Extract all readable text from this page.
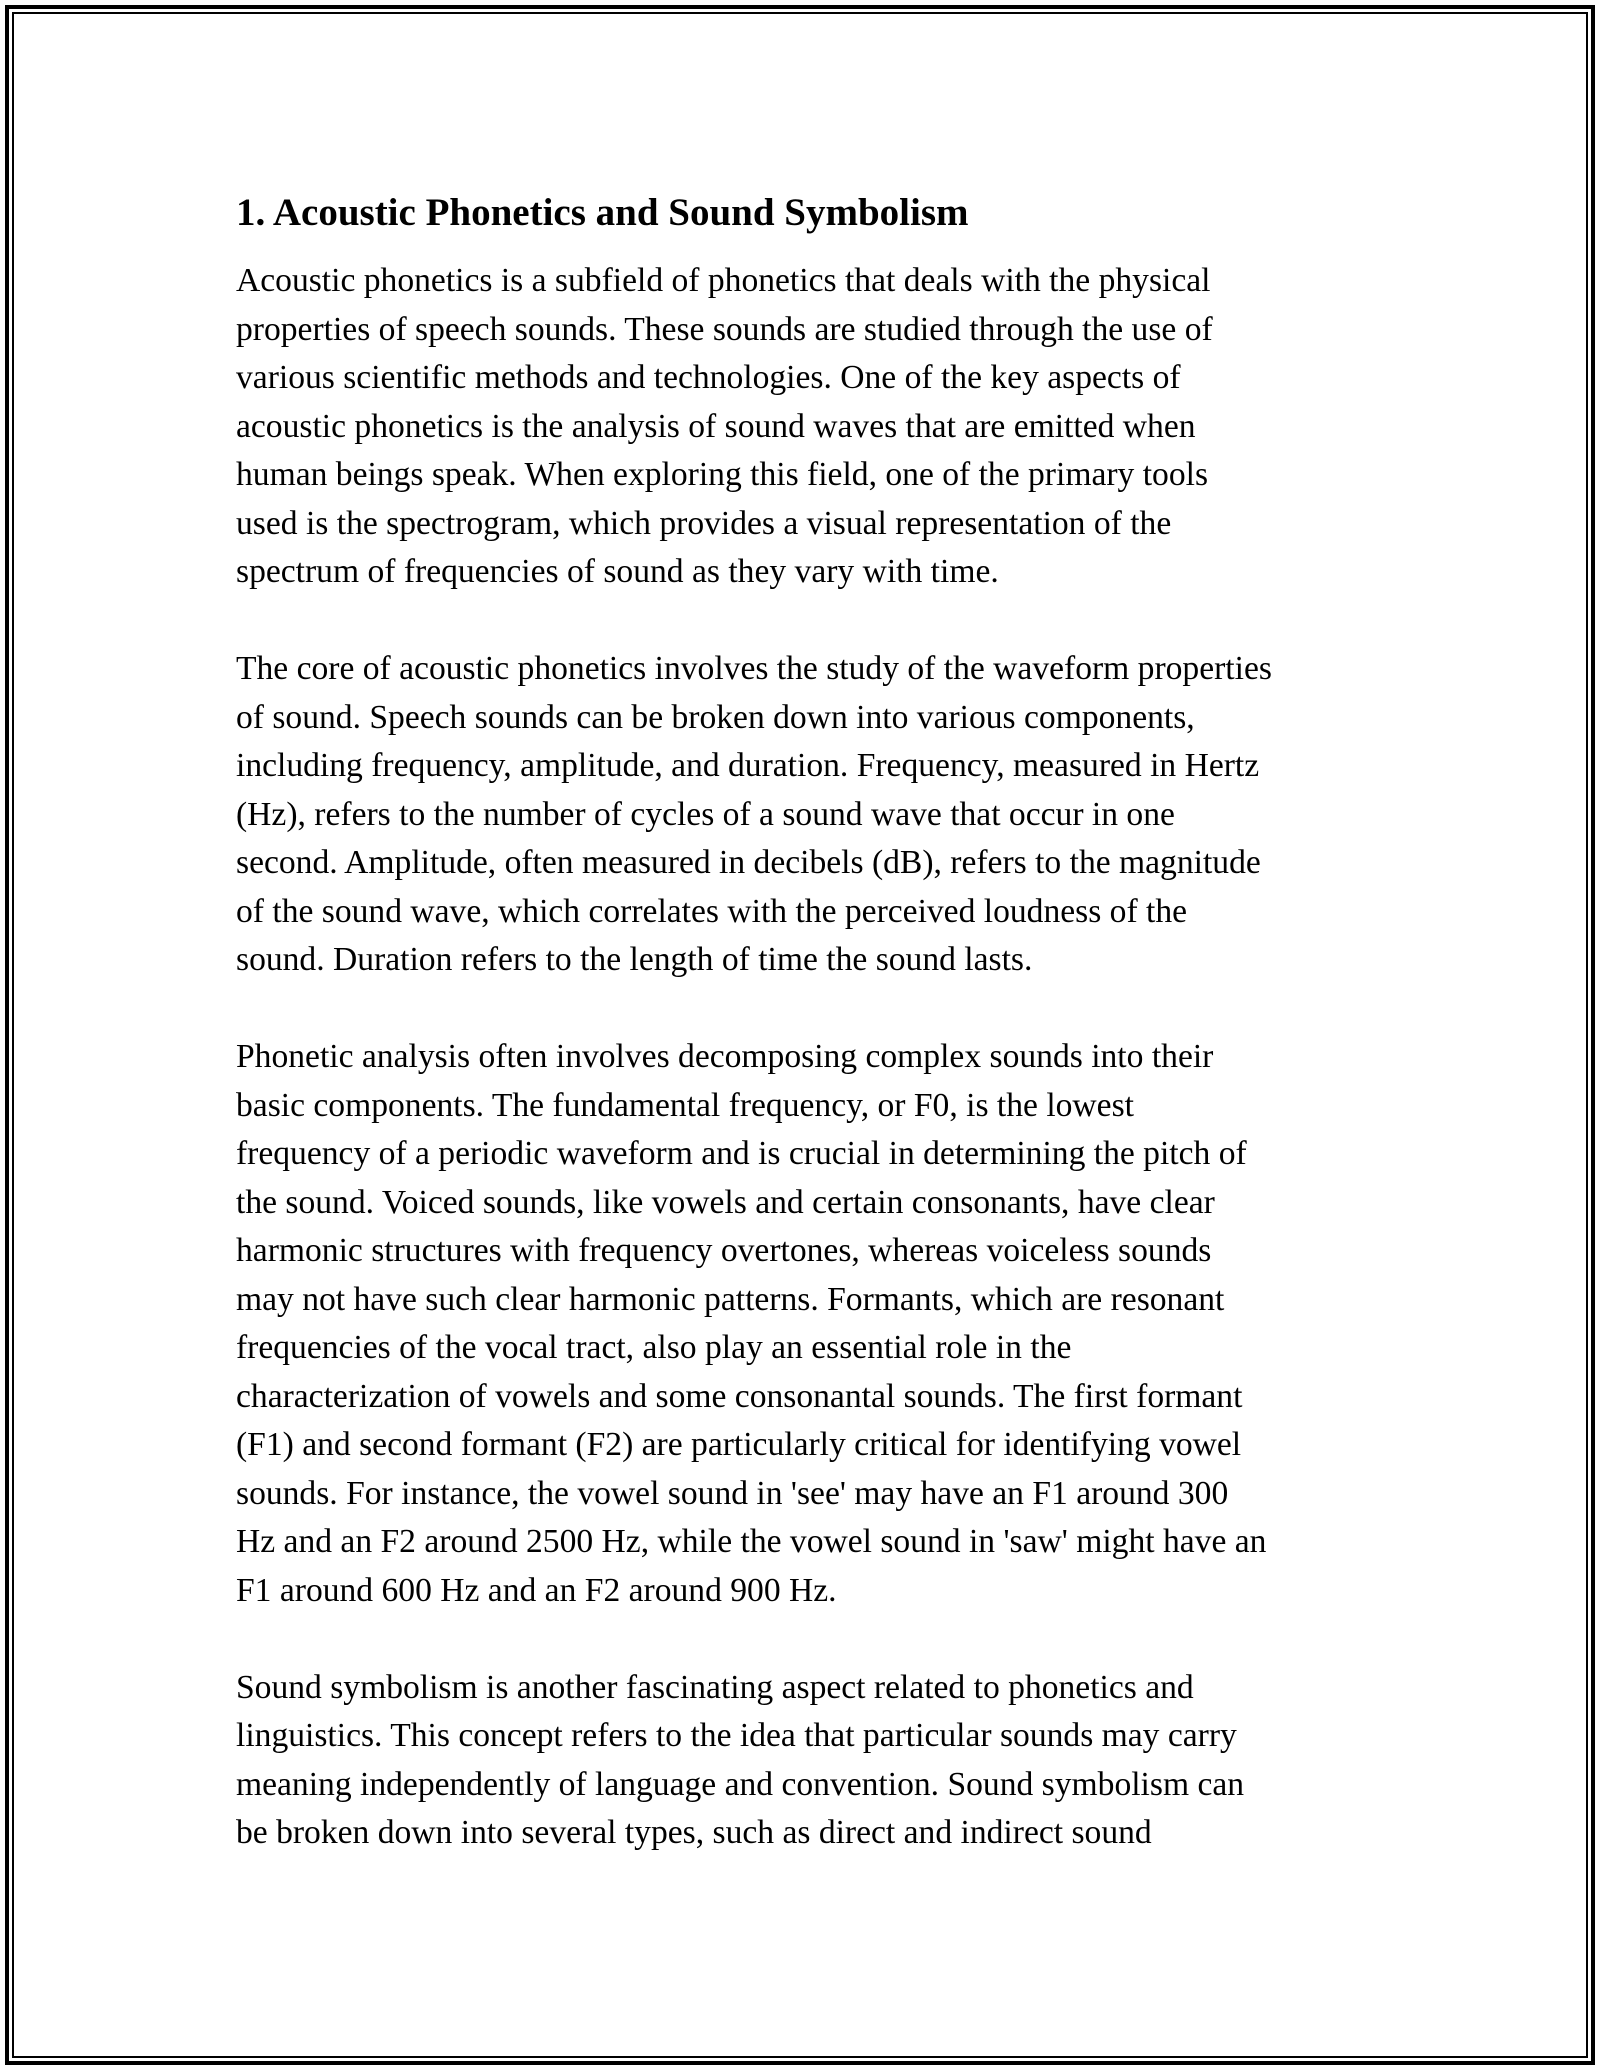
1. Acoustic Phonetics and Sound Symbolism

Acoustic phonetics is a subfield of phonetics that deals with the physical
properties of speech sounds. These sounds are studied through the use of
various scientific methods and technologies. One of the key aspects of
acoustic phonetics is the analysis of sound waves that are emitted when
human beings speak. When exploring this field, one of the primary tools
used is the spectrogram, which provides a visual representation of the
spectrum of frequencies of sound as they vary with time.

The core of acoustic phonetics involves the study of the waveform properties
of sound. Speech sounds can be broken down into various components,
including frequency, amplitude, and duration. Frequency, measured in Hertz
(Hz), refers to the number of cycles of a sound wave that occur in one
second. Amplitude, often measured in decibels (dB), refers to the magnitude
of the sound wave, which correlates with the perceived loudness of the
sound. Duration refers to the length of time the sound lasts.

Phonetic analysis often involves decomposing complex sounds into their
basic components. The fundamental frequency, or F0, is the lowest
frequency of a periodic waveform and is crucial in determining the pitch of
the sound. Voiced sounds, like vowels and certain consonants, have clear
harmonic structures with frequency overtones, whereas voiceless sounds
may not have such clear harmonic patterns. Formants, which are resonant
frequencies of the vocal tract, also play an essential role in the
characterization of vowels and some consonantal sounds. The first formant
(F1) and second formant (F2) are particularly critical for identifying vowel
sounds. For instance, the vowel sound in 'see' may have an F1 around 300
Hz and an F2 around 2500 Hz, while the vowel sound in 'saw' might have an
F1 around 600 Hz and an F2 around 900 Hz.

Sound symbolism is another fascinating aspect related to phonetics and
linguistics. This concept refers to the idea that particular sounds may carry
meaning independently of language and convention. Sound symbolism can
be broken down into several types, such as direct and indirect sound
